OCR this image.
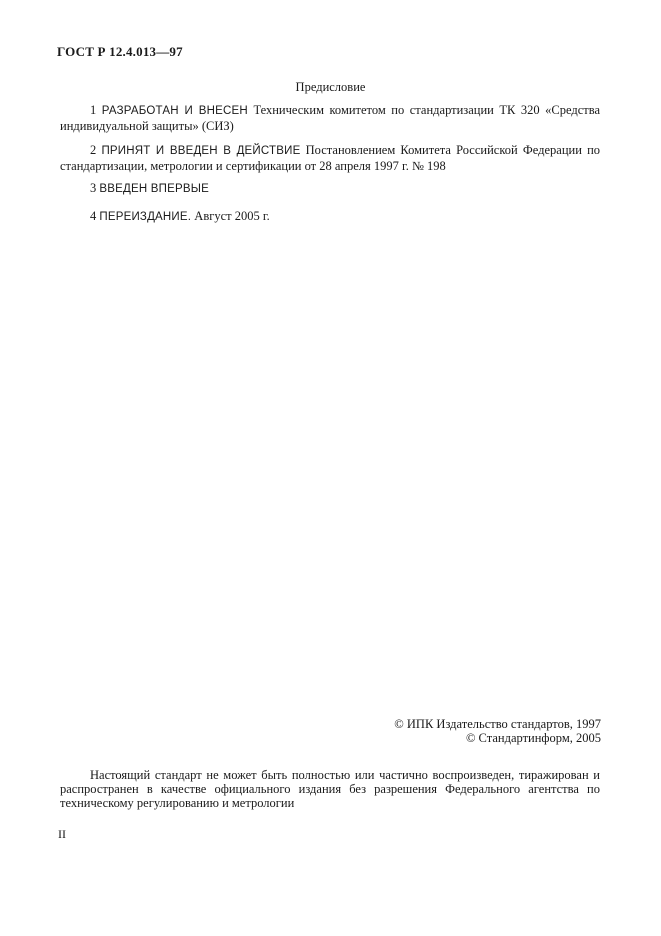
ГОСТ Р 12.4.013—97
Предисловие
1 РАЗРАБОТАН И ВНЕСЕН Техническим комитетом по стандартизации ТК 320 «Средства индивидуальной защиты» (СИЗ)
2 ПРИНЯТ И ВВЕДЕН В ДЕЙСТВИЕ Постановлением Комитета Российской Федерации по стандартизации, метрологии и сертификации от 28 апреля 1997 г. № 198
3 ВВЕДЕН ВПЕРВЫЕ
4 ПЕРЕИЗДАНИЕ. Август 2005 г.
© ИПК Издательство стандартов, 1997
© Стандартинформ, 2005
Настоящий стандарт не может быть полностью или частично воспроизведен, тиражирован и распространен в качестве официального издания без разрешения Федерального агентства по техническому регулированию и метрологии
II
